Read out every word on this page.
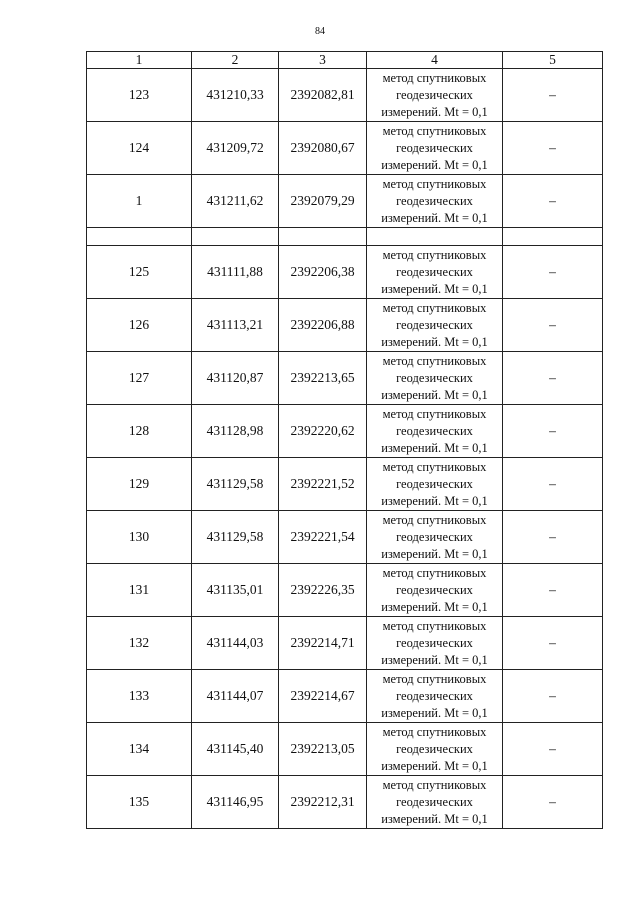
84
1	2	3	4	5
123	431210,33	2392082,81	метод спутниковых геодезических измерений. Mt = 0,1	–
124	431209,72	2392080,67	метод спутниковых геодезических измерений. Mt = 0,1	–
1	431211,62	2392079,29	метод спутниковых геодезических измерений. Mt = 0,1	–

125	431111,88	2392206,38	метод спутниковых геодезических измерений. Mt = 0,1	–
126	431113,21	2392206,88	метод спутниковых геодезических измерений. Mt = 0,1	–
127	431120,87	2392213,65	метод спутниковых геодезических измерений. Mt = 0,1	–
128	431128,98	2392220,62	метод спутниковых геодезических измерений. Mt = 0,1	–
129	431129,58	2392221,52	метод спутниковых геодезических измерений. Mt = 0,1	–
130	431129,58	2392221,54	метод спутниковых геодезических измерений. Mt = 0,1	–
131	431135,01	2392226,35	метод спутниковых геодезических измерений. Mt = 0,1	–
132	431144,03	2392214,71	метод спутниковых геодезических измерений. Mt = 0,1	–
133	431144,07	2392214,67	метод спутниковых геодезических измерений. Mt = 0,1	–
134	431145,40	2392213,05	метод спутниковых геодезических измерений. Mt = 0,1	–
135	431146,95	2392212,31	метод спутниковых геодезических измерений. Mt = 0,1	–
